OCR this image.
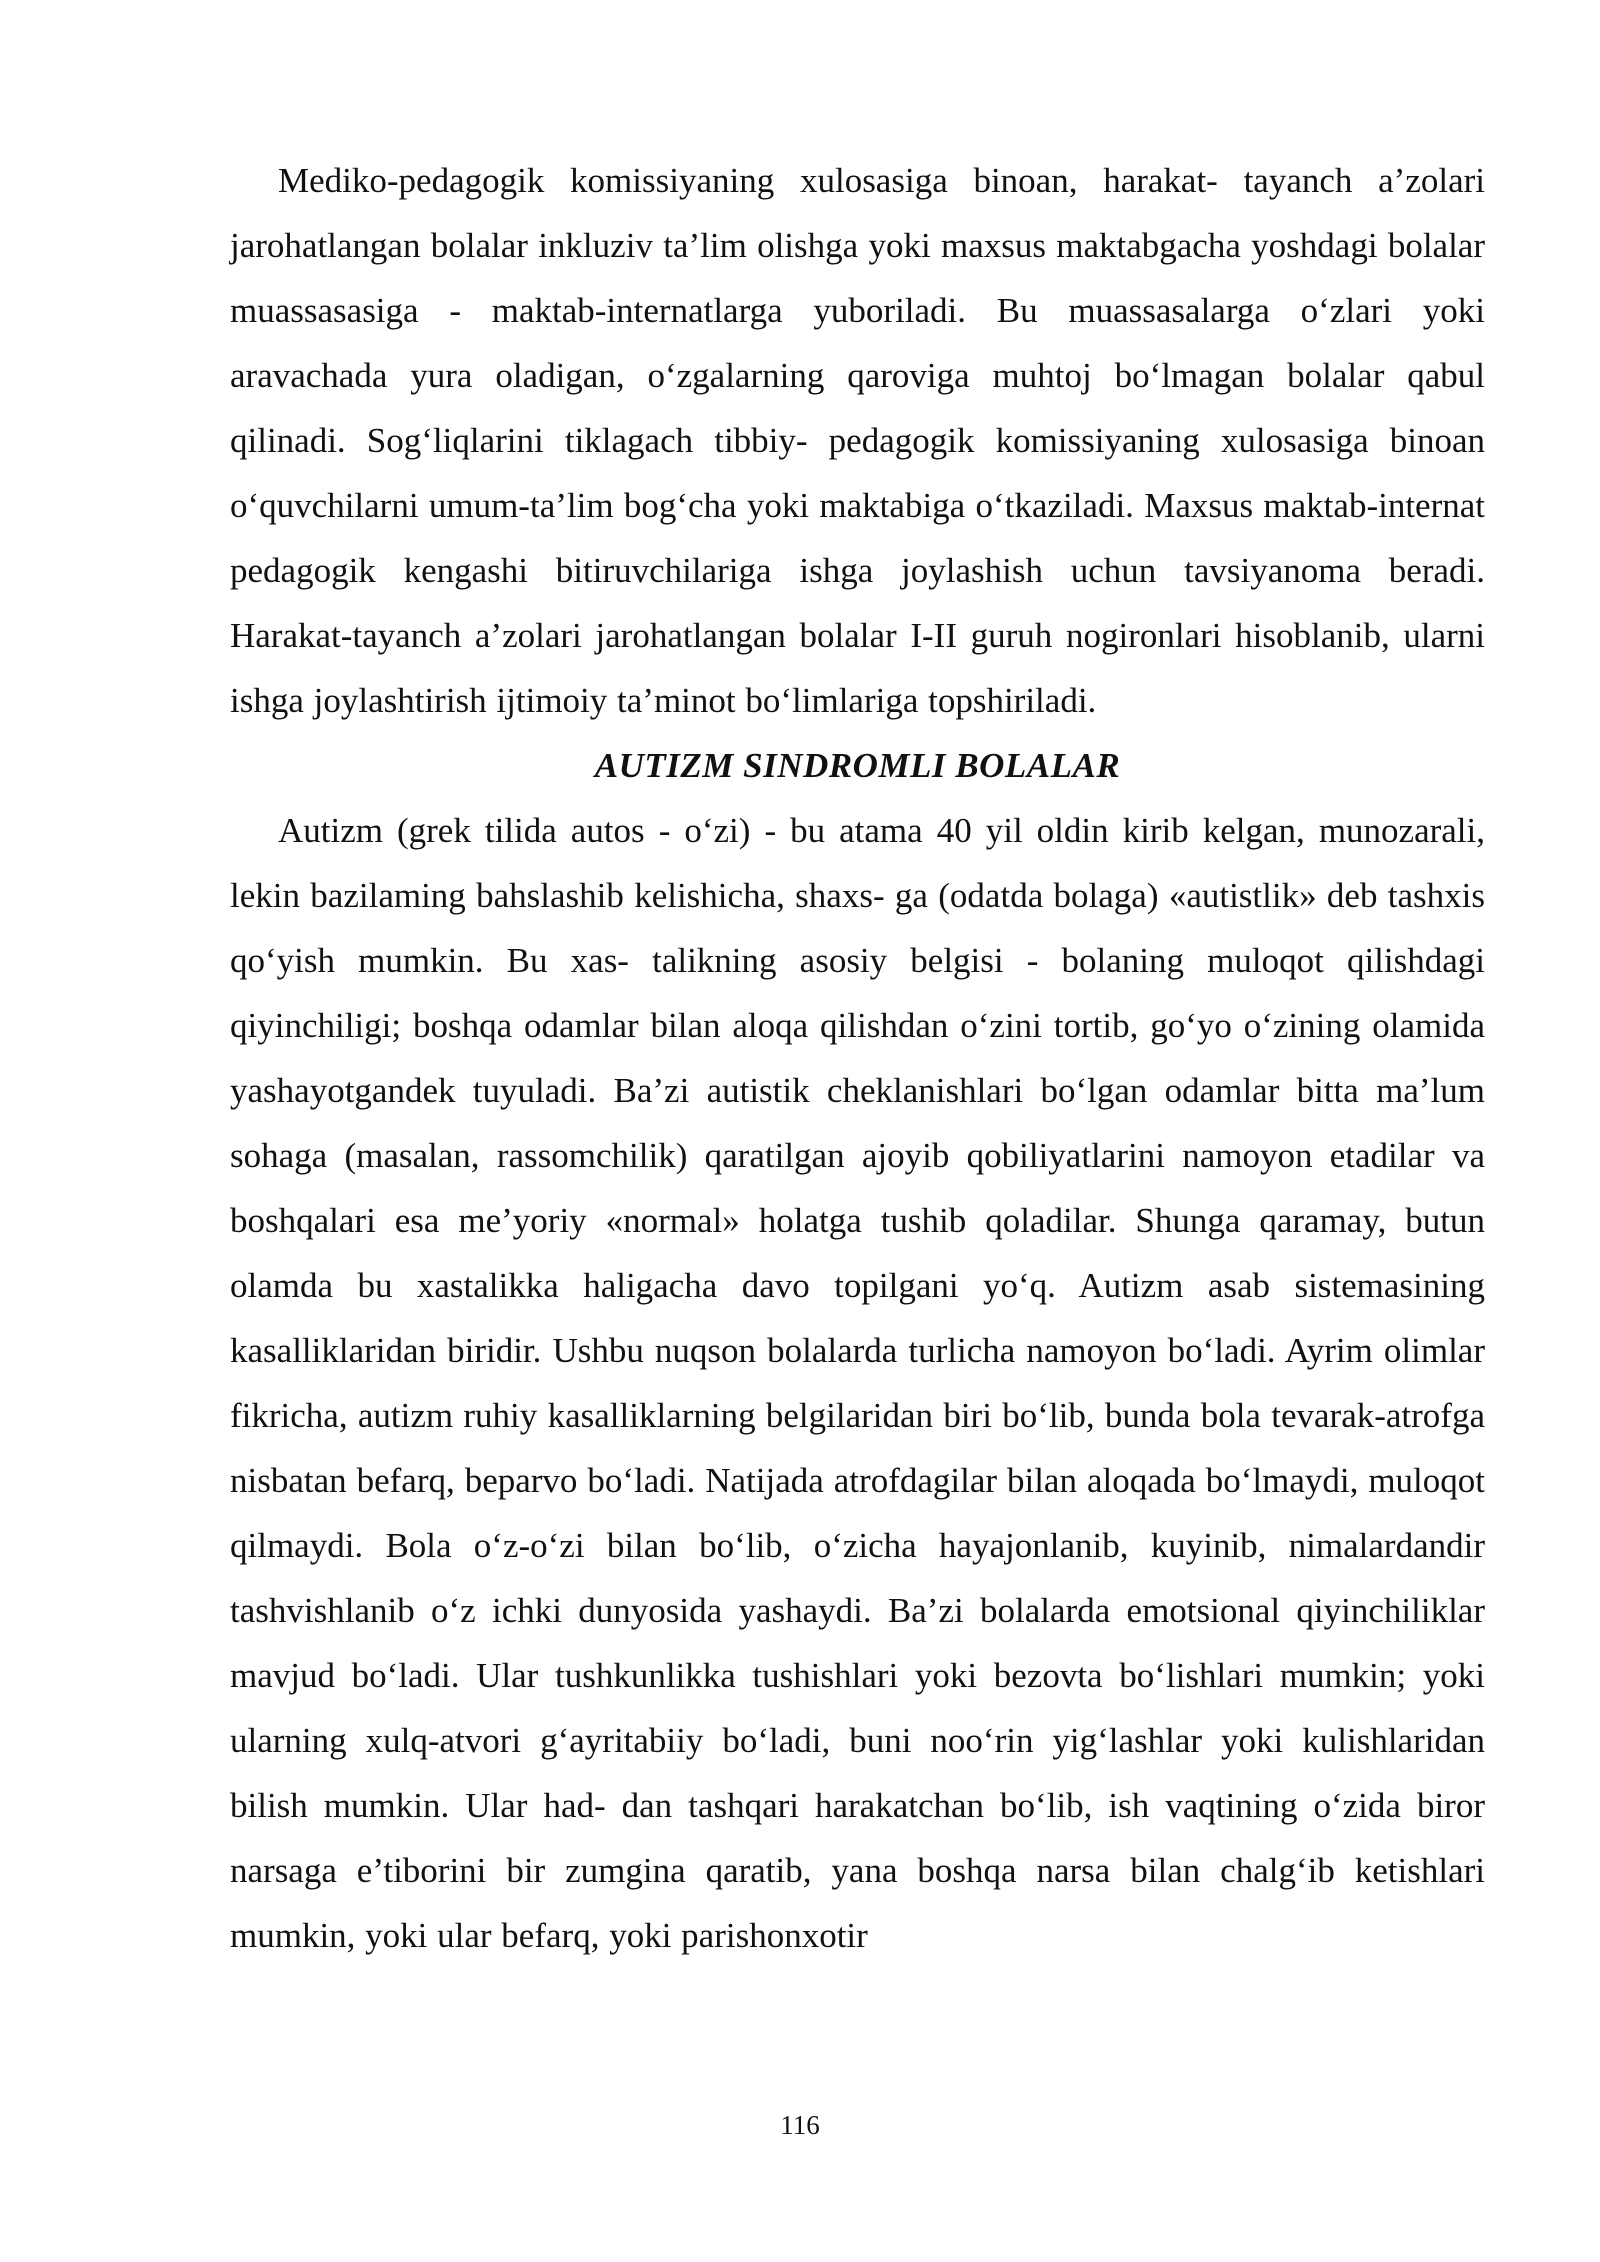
Mediko-pedagogik komissiyaning xulosasiga binoan, harakat- tayanch a’zolari jarohatlangan bolalar inkluziv ta’lim olishga yoki maxsus maktabgacha yoshdagi bolalar muassasasiga - maktab-internatlarga yuboriladi. Bu muassasalarga o‘zlari yoki aravachada yura oladigan, o‘zgalarning qaroviga muhtoj bo‘lmagan bolalar qabul qilinadi. Sog‘liqlarini tiklagach tibbiy- pedagogik komissiyaning xulosasiga binoan o‘quvchilarni umum-ta’lim bog‘cha yoki maktabiga o‘tkaziladi. Maxsus maktab-internat pedagogik kengashi bitiruvchilariga ishga joylashish uchun tavsiyanoma beradi. Harakat-tayanch a’zolari jarohatlangan bolalar I-II guruh nogironlari hisoblanib, ularni ishga joylashtirish ijtimoiy ta’minot bo‘limlariga topshiriladi.

AUTIZM SINDROMLI BOLALAR

Autizm (grek tilida autos - o‘zi) - bu atama 40 yil oldin kirib kelgan, munozarali, lekin bazilaming bahslashib kelishicha, shaxs- ga (odatda bolaga) «autistlik» deb tashxis qo‘yish mumkin. Bu xas- talikning asosiy belgisi - bolaning muloqot qilishdagi qiyinchiligi; boshqa odamlar bilan aloqa qilishdan o‘zini tortib, go‘yo o‘zining olamida yashayotgandek tuyuladi. Ba’zi autistik cheklanishlari bo‘lgan odamlar bitta ma’lum sohaga (masalan, rassomchilik) qaratilgan ajoyib qobiliyatlarini namoyon etadilar va boshqalari esa me’yoriy «normal» holatga tushib qoladilar. Shunga qaramay, butun olamda bu xastalikka haligacha davo topilgani yo‘q. Autizm asab sistemasining kasalliklaridan biridir. Ushbu nuqson bolalarda turlicha namoyon bo‘ladi. Ayrim olimlar fikricha, autizm ruhiy kasalliklarning belgilaridan biri bo‘lib, bunda bola tevarak-atrofga nisbatan befarq, beparvo bo‘ladi. Natijada atrofdagilar bilan aloqada bo‘lmaydi, muloqot qilmaydi. Bola o‘z-o‘zi bilan bo‘lib, o‘zicha hayajonlanib, kuyinib, nimalardandir tashvishlanib o‘z ichki dunyosida yashaydi. Ba’zi bolalarda emotsional qiyinchiliklar mavjud bo‘ladi. Ular tushkunlikka tushishlari yoki bezovta bo‘lishlari mumkin; yoki ularning xulq-atvori g‘ayritabiiy bo‘ladi, buni noo‘rin yig‘lashlar yoki kulishlaridan bilish mumkin. Ular had- dan tashqari harakatchan bo‘lib, ish vaqtining o‘zida biror narsaga e’tiborini bir zumgina qaratib, yana boshqa narsa bilan chalg‘ib ketishlari mumkin, yoki ular befarq, yoki parishonxotir

116
